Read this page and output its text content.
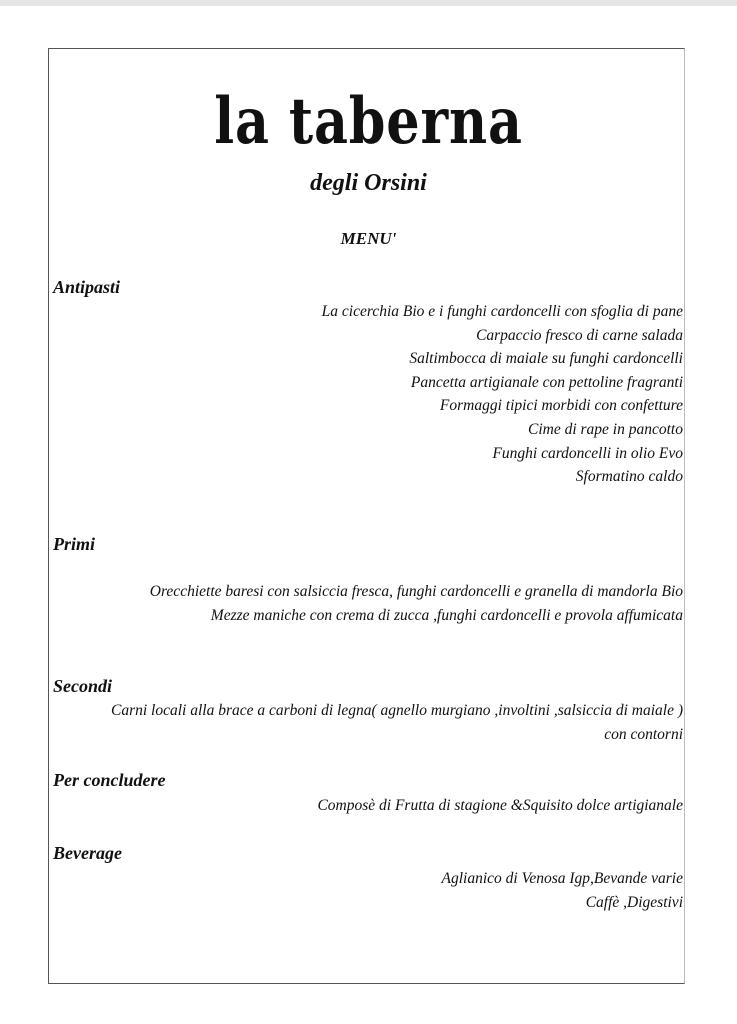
la taberna
degli Orsini
MENU'
Antipasti
La cicerchia Bio e i funghi cardoncelli con sfoglia di pane
Carpaccio fresco di carne salada
Saltimbocca di maiale su funghi cardoncelli
Pancetta artigianale con pettoline fragranti
Formaggi tipici morbidi con confetture
Cime di rape in pancotto
Funghi cardoncelli in olio Evo
Sformatino caldo
Primi
Orecchiette baresi con salsiccia fresca, funghi cardoncelli e granella di mandorla Bio
Mezze maniche con crema di zucca ,funghi cardoncelli e provola affumicata
Secondi
Carni locali alla brace a carboni di legna( agnello murgiano ,involtini ,salsiccia di maiale )
con contorni
Per concludere
Composè di Frutta di stagione &Squisito dolce artigianale
Beverage
Aglianico di Venosa Igp,Bevande varie
Caffè ,Digestivi
